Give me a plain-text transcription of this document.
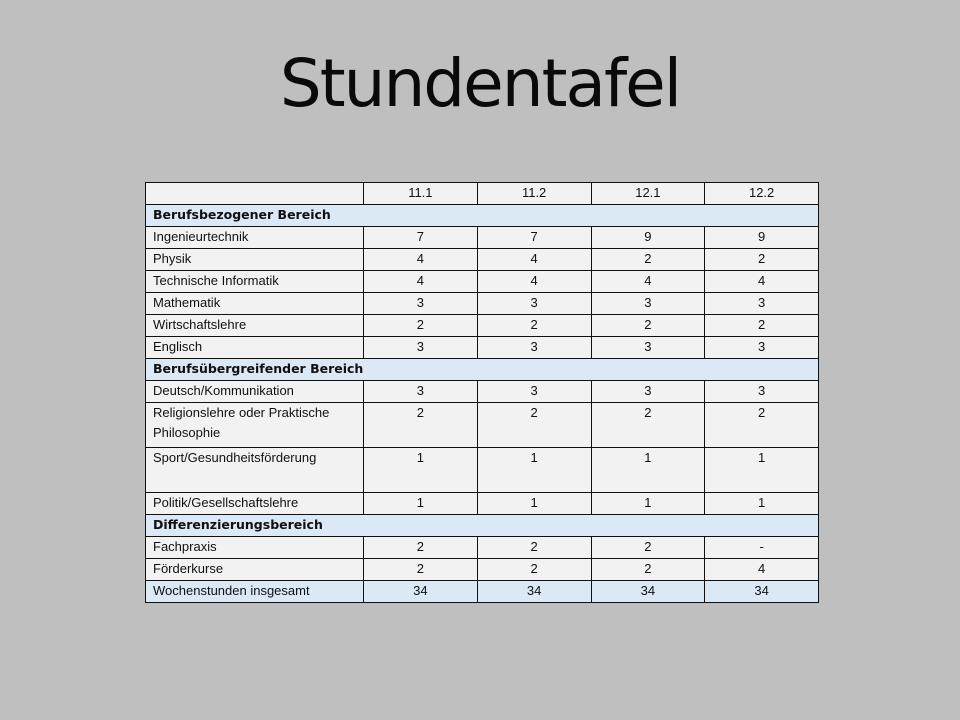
Stundentafel
	11.1	11.2	12.1	12.2
Berufsbezogener Bereich				
Ingenieurtechnik	7	7	9	9
Physik	4	4	2	2
Technische Informatik	4	4	4	4
Mathematik	3	3	3	3
Wirtschaftslehre	2	2	2	2
Englisch	3	3	3	3
Berufsübergreifender Bereich				
Deutsch/Kommunikation	3	3	3	3
Religionslehre oder Praktische Philosophie	2	2	2	2
Sport/Gesundheitsförderung	1	1	1	1
Politik/Gesellschaftslehre	1	1	1	1
Differenzierungsbereich				
Fachpraxis	2	2	2	-
Förderkurse	2	2	2	4
Wochenstunden insgesamt	34	34	34	34
